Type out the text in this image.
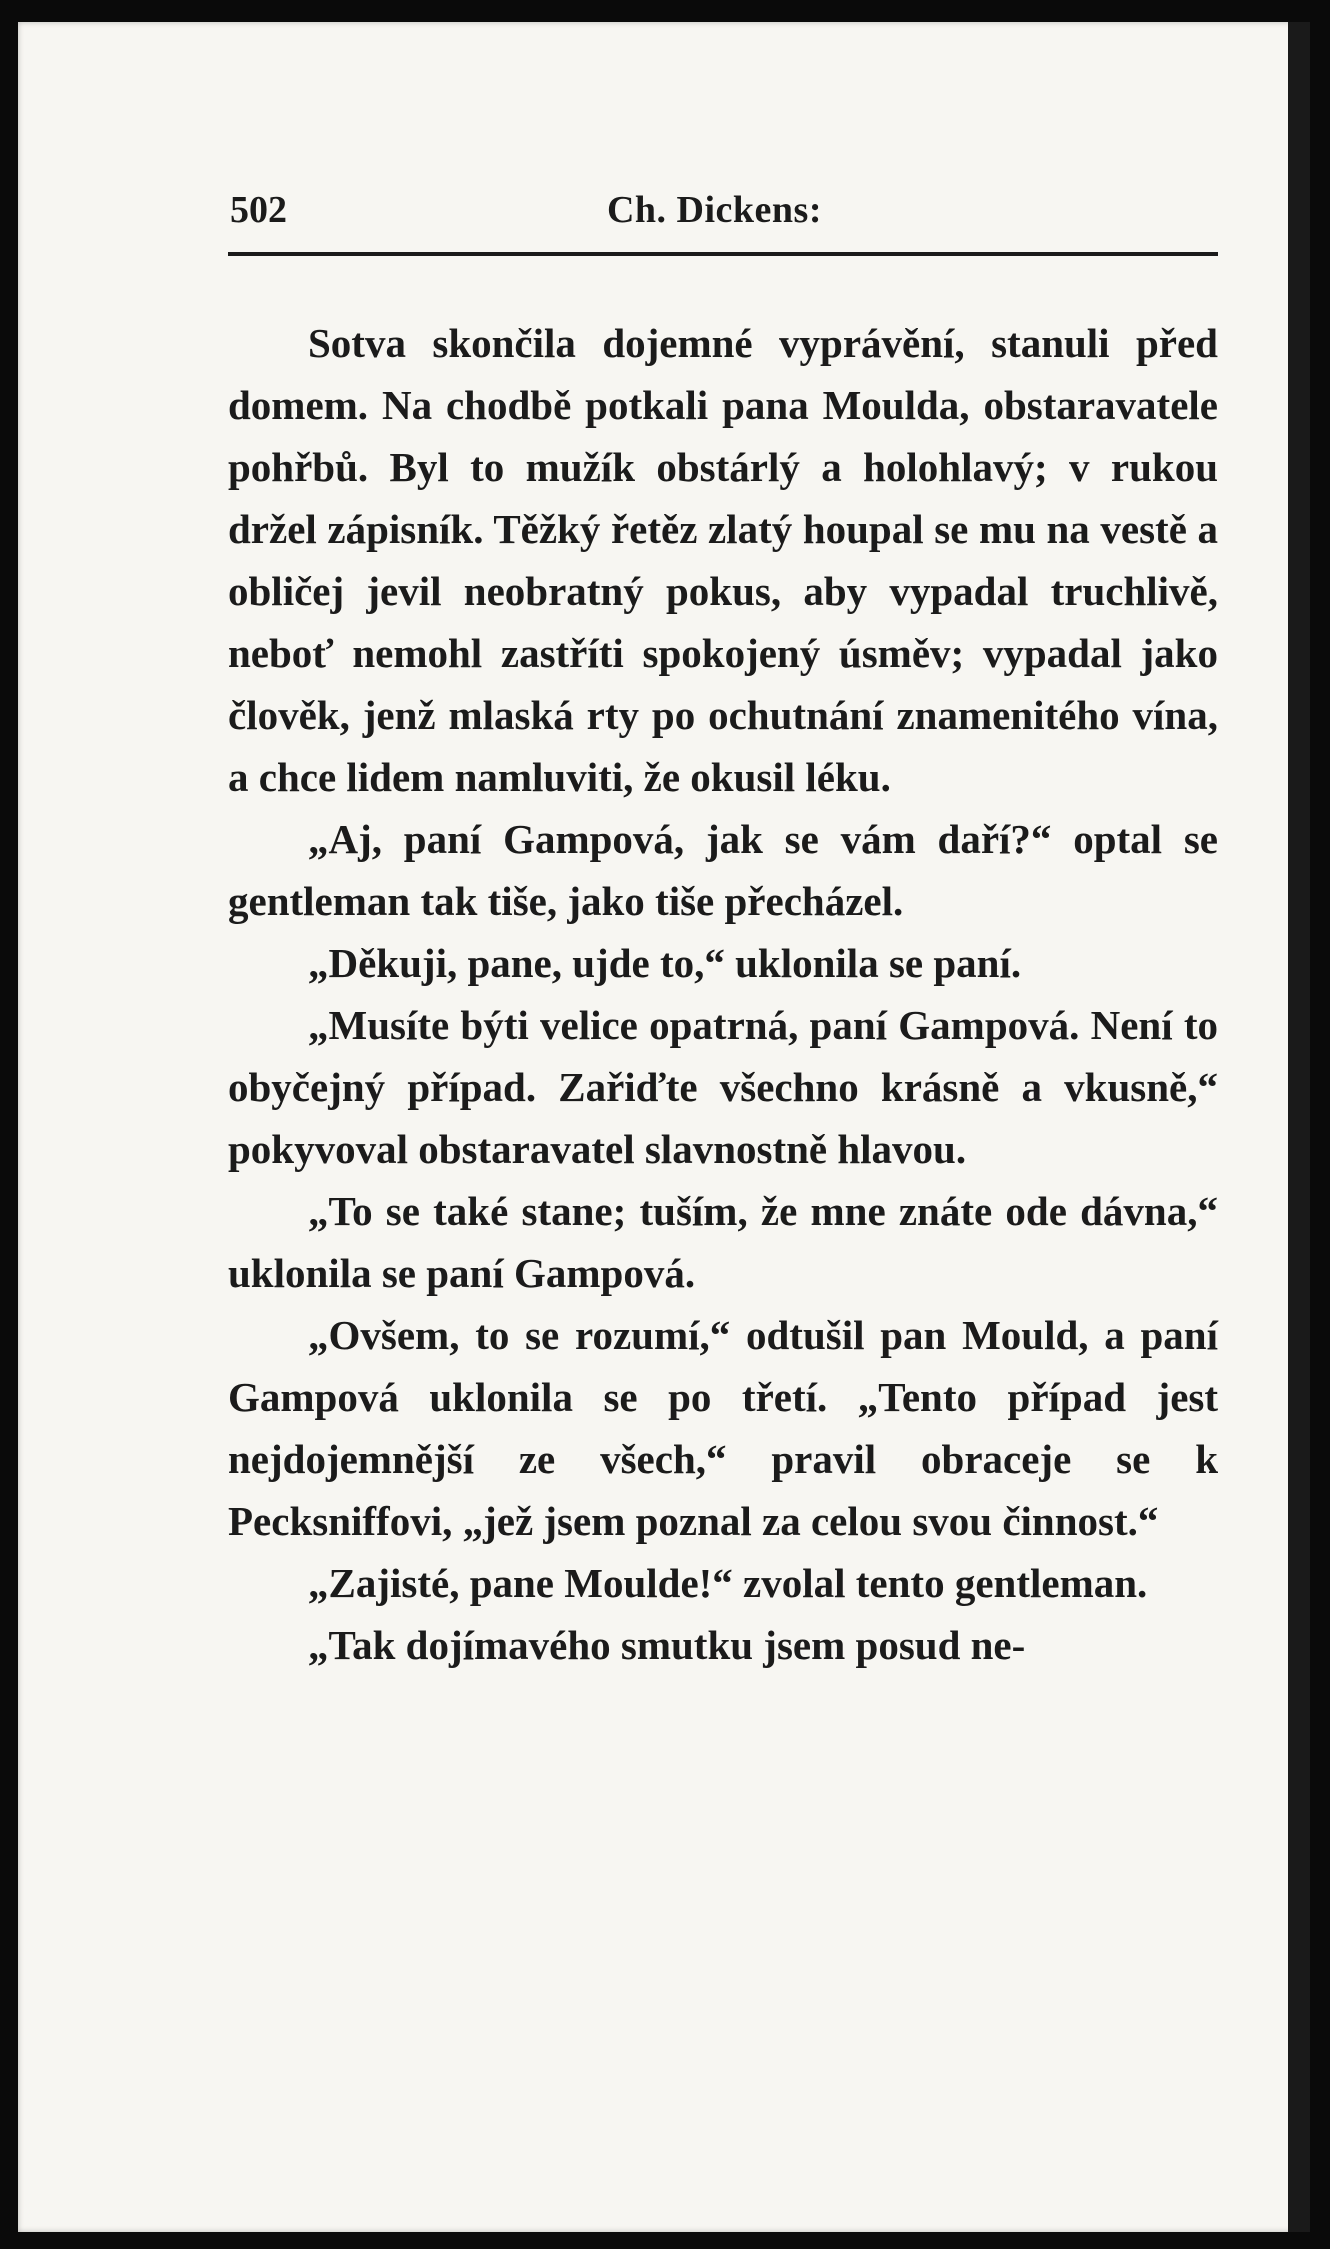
502	Ch. Dickens:

Sotva skončila dojemné vyprávění, stanuli před domem. Na chodbě potkali pana Moulda, obstaravatele pohřbů. Byl to mužík obstárlý a holohlavý; v rukou držel zápisník. Těžký řetěz zlatý houpal se mu na vestě a obličej jevil neobratný pokus, aby vypadal truchlivě, neboť nemohl zastříti spokojený úsměv; vypadal jako člověk, jenž mlaská rty po ochutnání znamenitého vína, a chce lidem namluviti, že okusil léku.

„Aj, paní Gampová, jak se vám daří?“ optal se gentleman tak tiše, jako tiše přecházel.

„Děkuji, pane, ujde to,“ uklonila se paní.

„Musíte býti velice opatrná, paní Gampová. Není to obyčejný případ. Zařiďte všechno krásně a vkusně,“ pokyvoval obstaravatel slavnostně hlavou.

„To se také stane; tuším, že mne znáte ode dávna,“ uklonila se paní Gampová.

„Ovšem, to se rozumí,“ odtušil pan Mould, a paní Gampová uklonila se po třetí. „Tento případ jest nejdojemnější ze všech,“ pravil obraceje se k Pecksniffovi, „jež jsem poznal za celou svou činnost.“

„Zajisté, pane Moulde!“ zvolal tento gentleman.

„Tak dojímavého smutku jsem posud ne-
